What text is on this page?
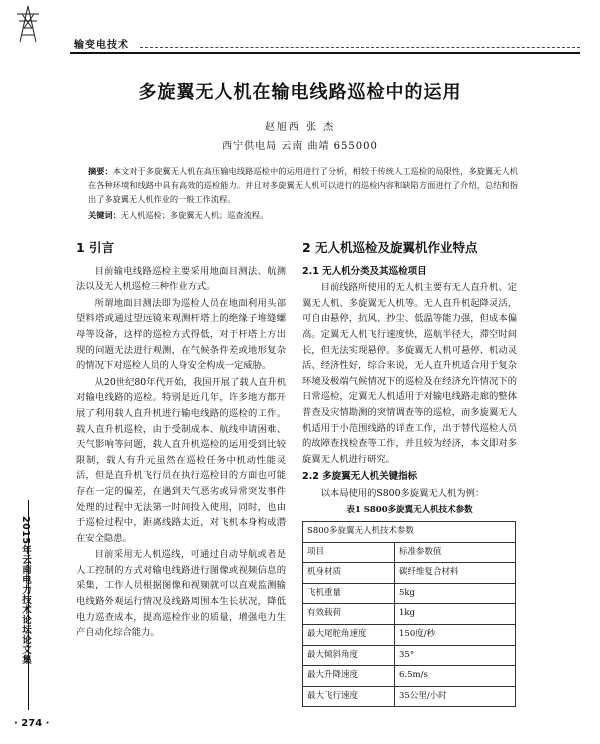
输变电技术
多旋翼无人机在输电线路巡检中的运用
赵旭西 张 杰
西宁供电局 云南 曲靖 655000
摘要：本文对于多旋翼无人机在高压输电线路巡检中的运用进行了分析，相较于传统人工巡检的局限性，多旋翼无人机在各种环境和线路中具有高效的巡检能力。并且对多旋翼无人机可以进行的巡检内容和缺陷方面进行了介绍，总结和指出了多旋翼无人机作业的一般工作流程。
关键词：无人机巡检；多旋翼无人机；巡查流程。
1 引言

目前输电线路巡检主要采用地面目测法、航测法以及无人机巡检三种作业方式。

所谓地面目测法即为巡检人员在地面利用头部望料塔或通过望远镜来观测杆塔上的绝缘子堆缝螺母等设备，这样的巡检方式得低，对于杆塔上方出现的问题无法进行观测，在气候条件差或地形复杂的情况下对巡检人员的人身安全构成一定威胁。

从20世纪80年代开始，我国开展了载人直升机对输电线路的巡检。特别是近几年，许多地方都开展了利用载人直升机进行输电线路的巡检的工作。载人直升机巡检，由于受制成本、航线申请困难、天气影响等问题，载人直升机巡检的运用受到比较限制，载人有升元虽然在巡检任务中机动性能灵活，但是直升机飞行员在执行巡检目的方面也可能存在一定的偏差，在遇到天气恶劣或异常突发事件处理的过程中无法第一时间投入使用，同时，也由于巡检过程中，距离线路太近，对飞机本身构成潜在安全隐患。

目前采用无人机巡线，可通过自动导航或者是人工控制的方式对输电线路进行图像或视频信息的采集，工作人员根据图像和视频就可以直观监测输电线路外观运行情况及线路周围本生长状况，降低电力巡查成本，提高巡检作业的质量，增强电力生产自动化综合能力。

2 无人机巡检及旋翼机作业特点
2.1 无人机分类及其巡检项目

目前线路所使用的无人机主要有无人直升机、定翼无人机、多旋翼无人机等。无人直升机起降灵活，可自由悬停，抗风、抄尘、低温等能力强，但成本偏高。定翼无人机飞行速度快，巡航半径大，滞空时间长，但无法实现悬停。多旋翼无人机可悬停、机动灵活、经济性好，综合来说，无人直升机适合用于复杂环境及极端气候情况下的巡检及在经济允许情况下的日常巡检，定翼无人机适用于对输电线路走廊的整体普查及灾情勘测的突情调查等的巡检，而多旋翼无人机适用于小范围线路的详查工作，出于替代巡检人员的故障查找检查等工作，并且较为经济，本文即对多旋翼无人机进行研究。

2.2 多旋翼无人机关键指标

以本局使用的S800多旋翼无人机为例：

表1 S800多旋翼无人机技术参数
S800多旋翼无人机技术参数	
项目	标准参数值
机身材质	碳纤维复合材料
飞机重量	5kg
有效载荷	1kg
最大尾舵角速度	150度/秒
最大倾斜角度	35°
最大升降速度	6.5m/s
最大飞行速度	35公里/小时
2015年云南电力技术论坛论文集
· 274 ·
